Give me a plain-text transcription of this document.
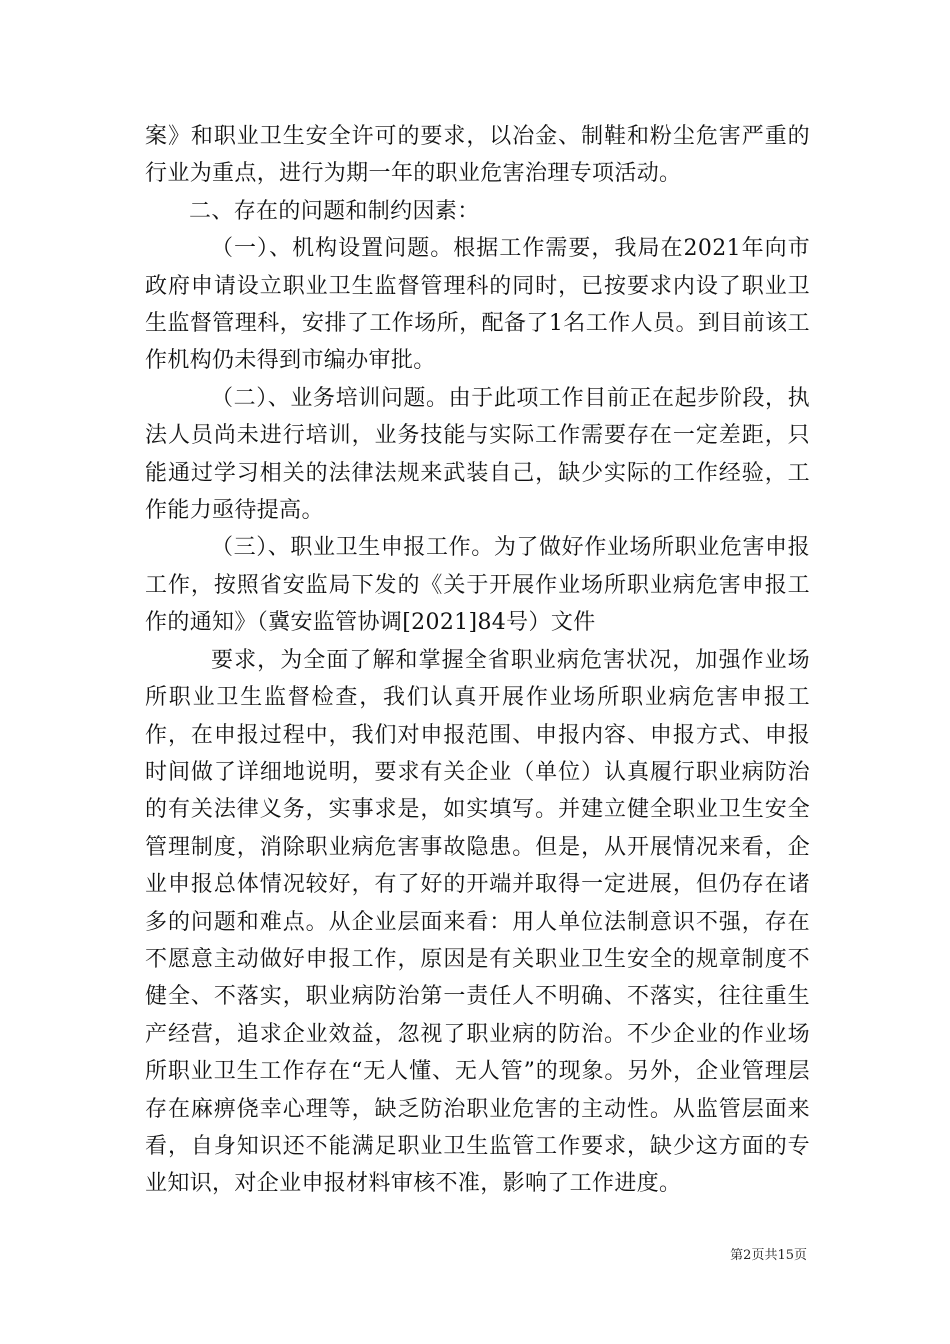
案》和职业卫生安全许可的要求，以冶金、制鞋和粉尘危害严重的行业为重点，进行为期一年的职业危害治理专项活动。

二、存在的问题和制约因素：

（一）、机构设置问题。根据工作需要，我局在2021年向市政府申请设立职业卫生监督管理科的同时，已按要求内设了职业卫生监督管理科，安排了工作场所，配备了1名工作人员。到目前该工作机构仍未得到市编办审批。

（二）、业务培训问题。由于此项工作目前正在起步阶段，执法人员尚未进行培训，业务技能与实际工作需要存在一定差距，只能通过学习相关的法律法规来武装自己，缺少实际的工作经验，工作能力亟待提高。

（三）、职业卫生申报工作。为了做好作业场所职业危害申报工作，按照省安监局下发的《关于开展作业场所职业病危害申报工作的通知》（冀安监管协调[2021]84号）文件

要求，为全面了解和掌握全省职业病危害状况，加强作业场所职业卫生监督检查，我们认真开展作业场所职业病危害申报工作，在申报过程中，我们对申报范围、申报内容、申报方式、申报时间做了详细地说明，要求有关企业（单位）认真履行职业病防治的有关法律义务，实事求是，如实填写。并建立健全职业卫生安全管理制度，消除职业病危害事故隐患。但是，从开展情况来看，企业申报总体情况较好，有了好的开端并取得一定进展，但仍存在诸多的问题和难点。从企业层面来看：用人单位法制意识不强，存在不愿意主动做好申报工作，原因是有关职业卫生安全的规章制度不健全、不落实，职业病防治第一责任人不明确、不落实，往往重生产经营，追求企业效益，忽视了职业病的防治。不少企业的作业场所职业卫生工作存在“无人懂、无人管”的现象。另外，企业管理层存在麻痹侥幸心理等，缺乏防治职业危害的主动性。从监管层面来看，自身知识还不能满足职业卫生监管工作要求，缺少这方面的专业知识，对企业申报材料审核不准，影响了工作进度。

第2页共15页
